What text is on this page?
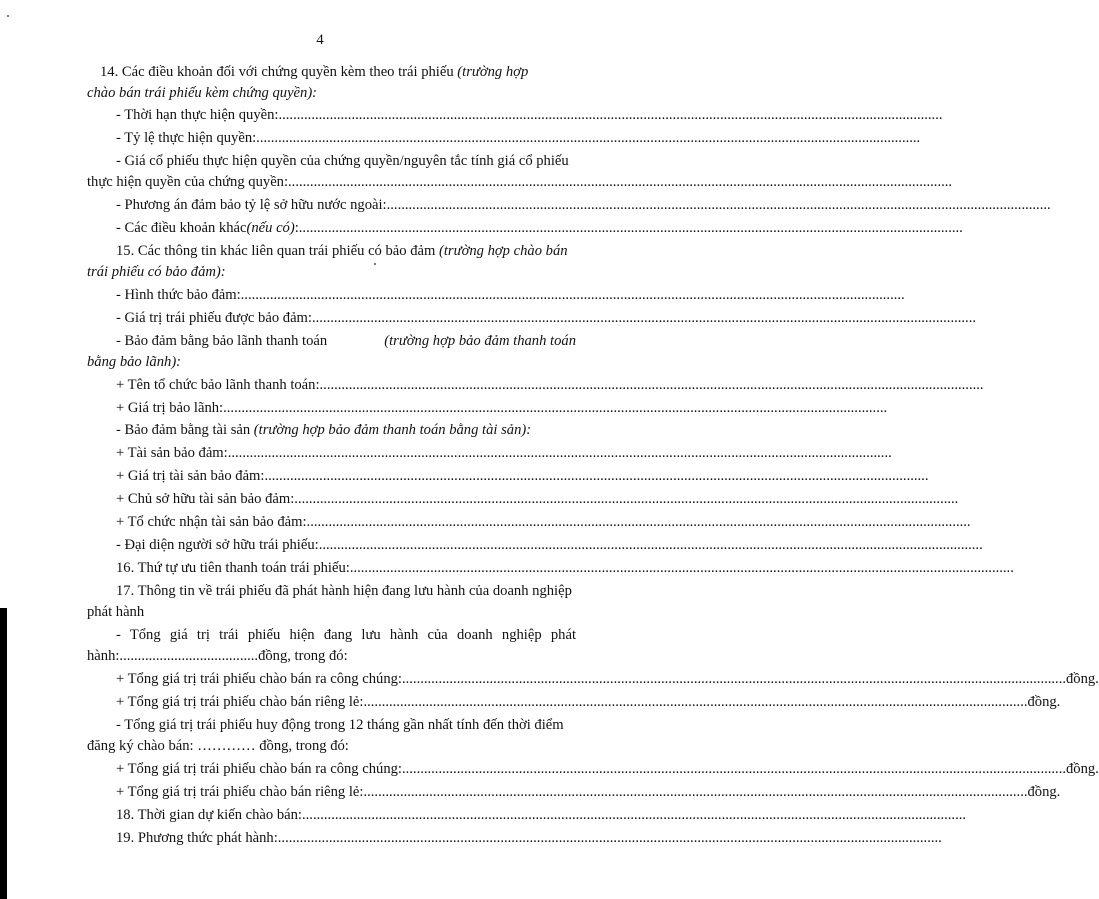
4
14. Các điều khoản đối với chứng quyền kèm theo trái phiếu (trường hợp
chào bán trái phiếu kèm chứng quyền):
- Thời hạn thực hiện quyền: ......................................................................................................................................................................................
- Tỷ lệ thực hiện quyền: ......................................................................................................................................................................................
- Giá cổ phiếu thực hiện quyền của chứng quyền/nguyên tắc tính giá cổ phiếu
thực hiện quyền của chứng quyền: ......................................................................................................................................................................................
- Phương án đảm bảo tỷ lệ sở hữu nước ngoài: ......................................................................................................................................................................................
- Các điều khoản khác (nếu có) : ......................................................................................................................................................................................
15. Các thông tin khác liên quan trái phiếu có bảo đảm (trường hợp chào bán
trái phiếu có bảo đảm):
- Hình thức bảo đảm: ......................................................................................................................................................................................
- Giá trị trái phiếu được bảo đảm: ......................................................................................................................................................................................
- Bảo đảm bằng bảo lãnh thanh toán	(trường hợp bảo đảm thanh toán
bằng bảo lãnh):
+ Tên tổ chức bảo lãnh thanh toán: ......................................................................................................................................................................................
+ Giá trị bảo lãnh: ......................................................................................................................................................................................
- Bảo đảm bằng tài sản (trường hợp bảo đảm thanh toán bằng tài sản):
+ Tài sản bảo đảm: ......................................................................................................................................................................................
+ Giá trị tài sản bảo đảm: ......................................................................................................................................................................................
+ Chủ sở hữu tài sản bảo đảm: ......................................................................................................................................................................................
+ Tổ chức nhận tài sản bảo đảm: ......................................................................................................................................................................................
- Đại diện người sở hữu trái phiếu: ......................................................................................................................................................................................
16. Thứ tự ưu tiên thanh toán trái phiếu: ......................................................................................................................................................................................
17. Thông tin về trái phiếu đã phát hành hiện đang lưu hành của doanh nghiệp
phát hành
- Tổng giá trị trái phiếu hiện đang lưu hành của doanh nghiệp phát
hành:......................................đồng, trong đó:
+ Tổng giá trị trái phiếu chào bán ra công chúng: ...................................................................................................................................................................................... đồng.
+ Tổng giá trị trái phiếu chào bán riêng lẻ: ...................................................................................................................................................................................... đồng.
- Tổng giá trị trái phiếu huy động trong 12 tháng gần nhất tính đến thời điểm
đăng ký chào bán: ………… đồng, trong đó:
+ Tổng giá trị trái phiếu chào bán ra công chúng: ...................................................................................................................................................................................... đồng.
+ Tổng giá trị trái phiếu chào bán riêng lẻ: ...................................................................................................................................................................................... đồng.
18. Thời gian dự kiến chào bán: ......................................................................................................................................................................................
19. Phương thức phát hành: ......................................................................................................................................................................................
